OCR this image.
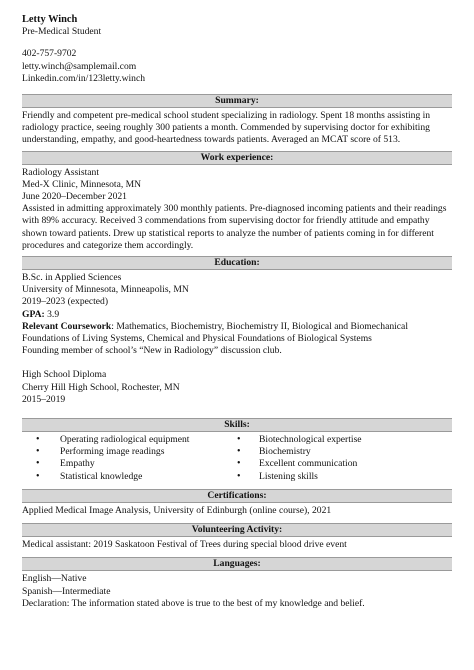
Letty Winch
Pre-Medical Student
402-757-9702
letty.winch@samplemail.com
Linkedin.com/in/123letty.winch
Summary:
Friendly and competent pre-medical school student specializing in radiology. Spent 18 months assisting in
radiology practice, seeing roughly 300 patients a month. Commended by supervising doctor for exhibiting
understanding, empathy, and good-heartedness towards patients. Averaged an MCAT score of 513.
Work experience:
Radiology Assistant
Med-X Clinic, Minnesota, MN
June 2020–December 2021
Assisted in admitting approximately 300 monthly patients. Pre-diagnosed incoming patients and their readings
with 89% accuracy. Received 3 commendations from supervising doctor for friendly attitude and empathy
shown toward patients. Drew up statistical reports to analyze the number of patients coming in for different
procedures and categorize them accordingly.
Education:
B.Sc. in Applied Sciences
University of Minnesota, Minneapolis, MN
2019–2023 (expected)
GPA: 3.9
Relevant Coursework: Mathematics, Biochemistry, Biochemistry II, Biological and Biomechanical
Foundations of Living Systems, Chemical and Physical Foundations of Biological Systems
Founding member of school’s “New in Radiology” discussion club.
High School Diploma
Cherry Hill High School, Rochester, MN
2015–2019
Skills:
• Operating radiological equipment
• Performing image readings
• Empathy
• Statistical knowledge
• Biotechnological expertise
• Biochemistry
• Excellent communication
• Listening skills
Certifications:
Applied Medical Image Analysis, University of Edinburgh (online course), 2021
Volunteering Activity:
Medical assistant: 2019 Saskatoon Festival of Trees during special blood drive event
Languages:
English—Native
Spanish—Intermediate
Declaration: The information stated above is true to the best of my knowledge and belief.
